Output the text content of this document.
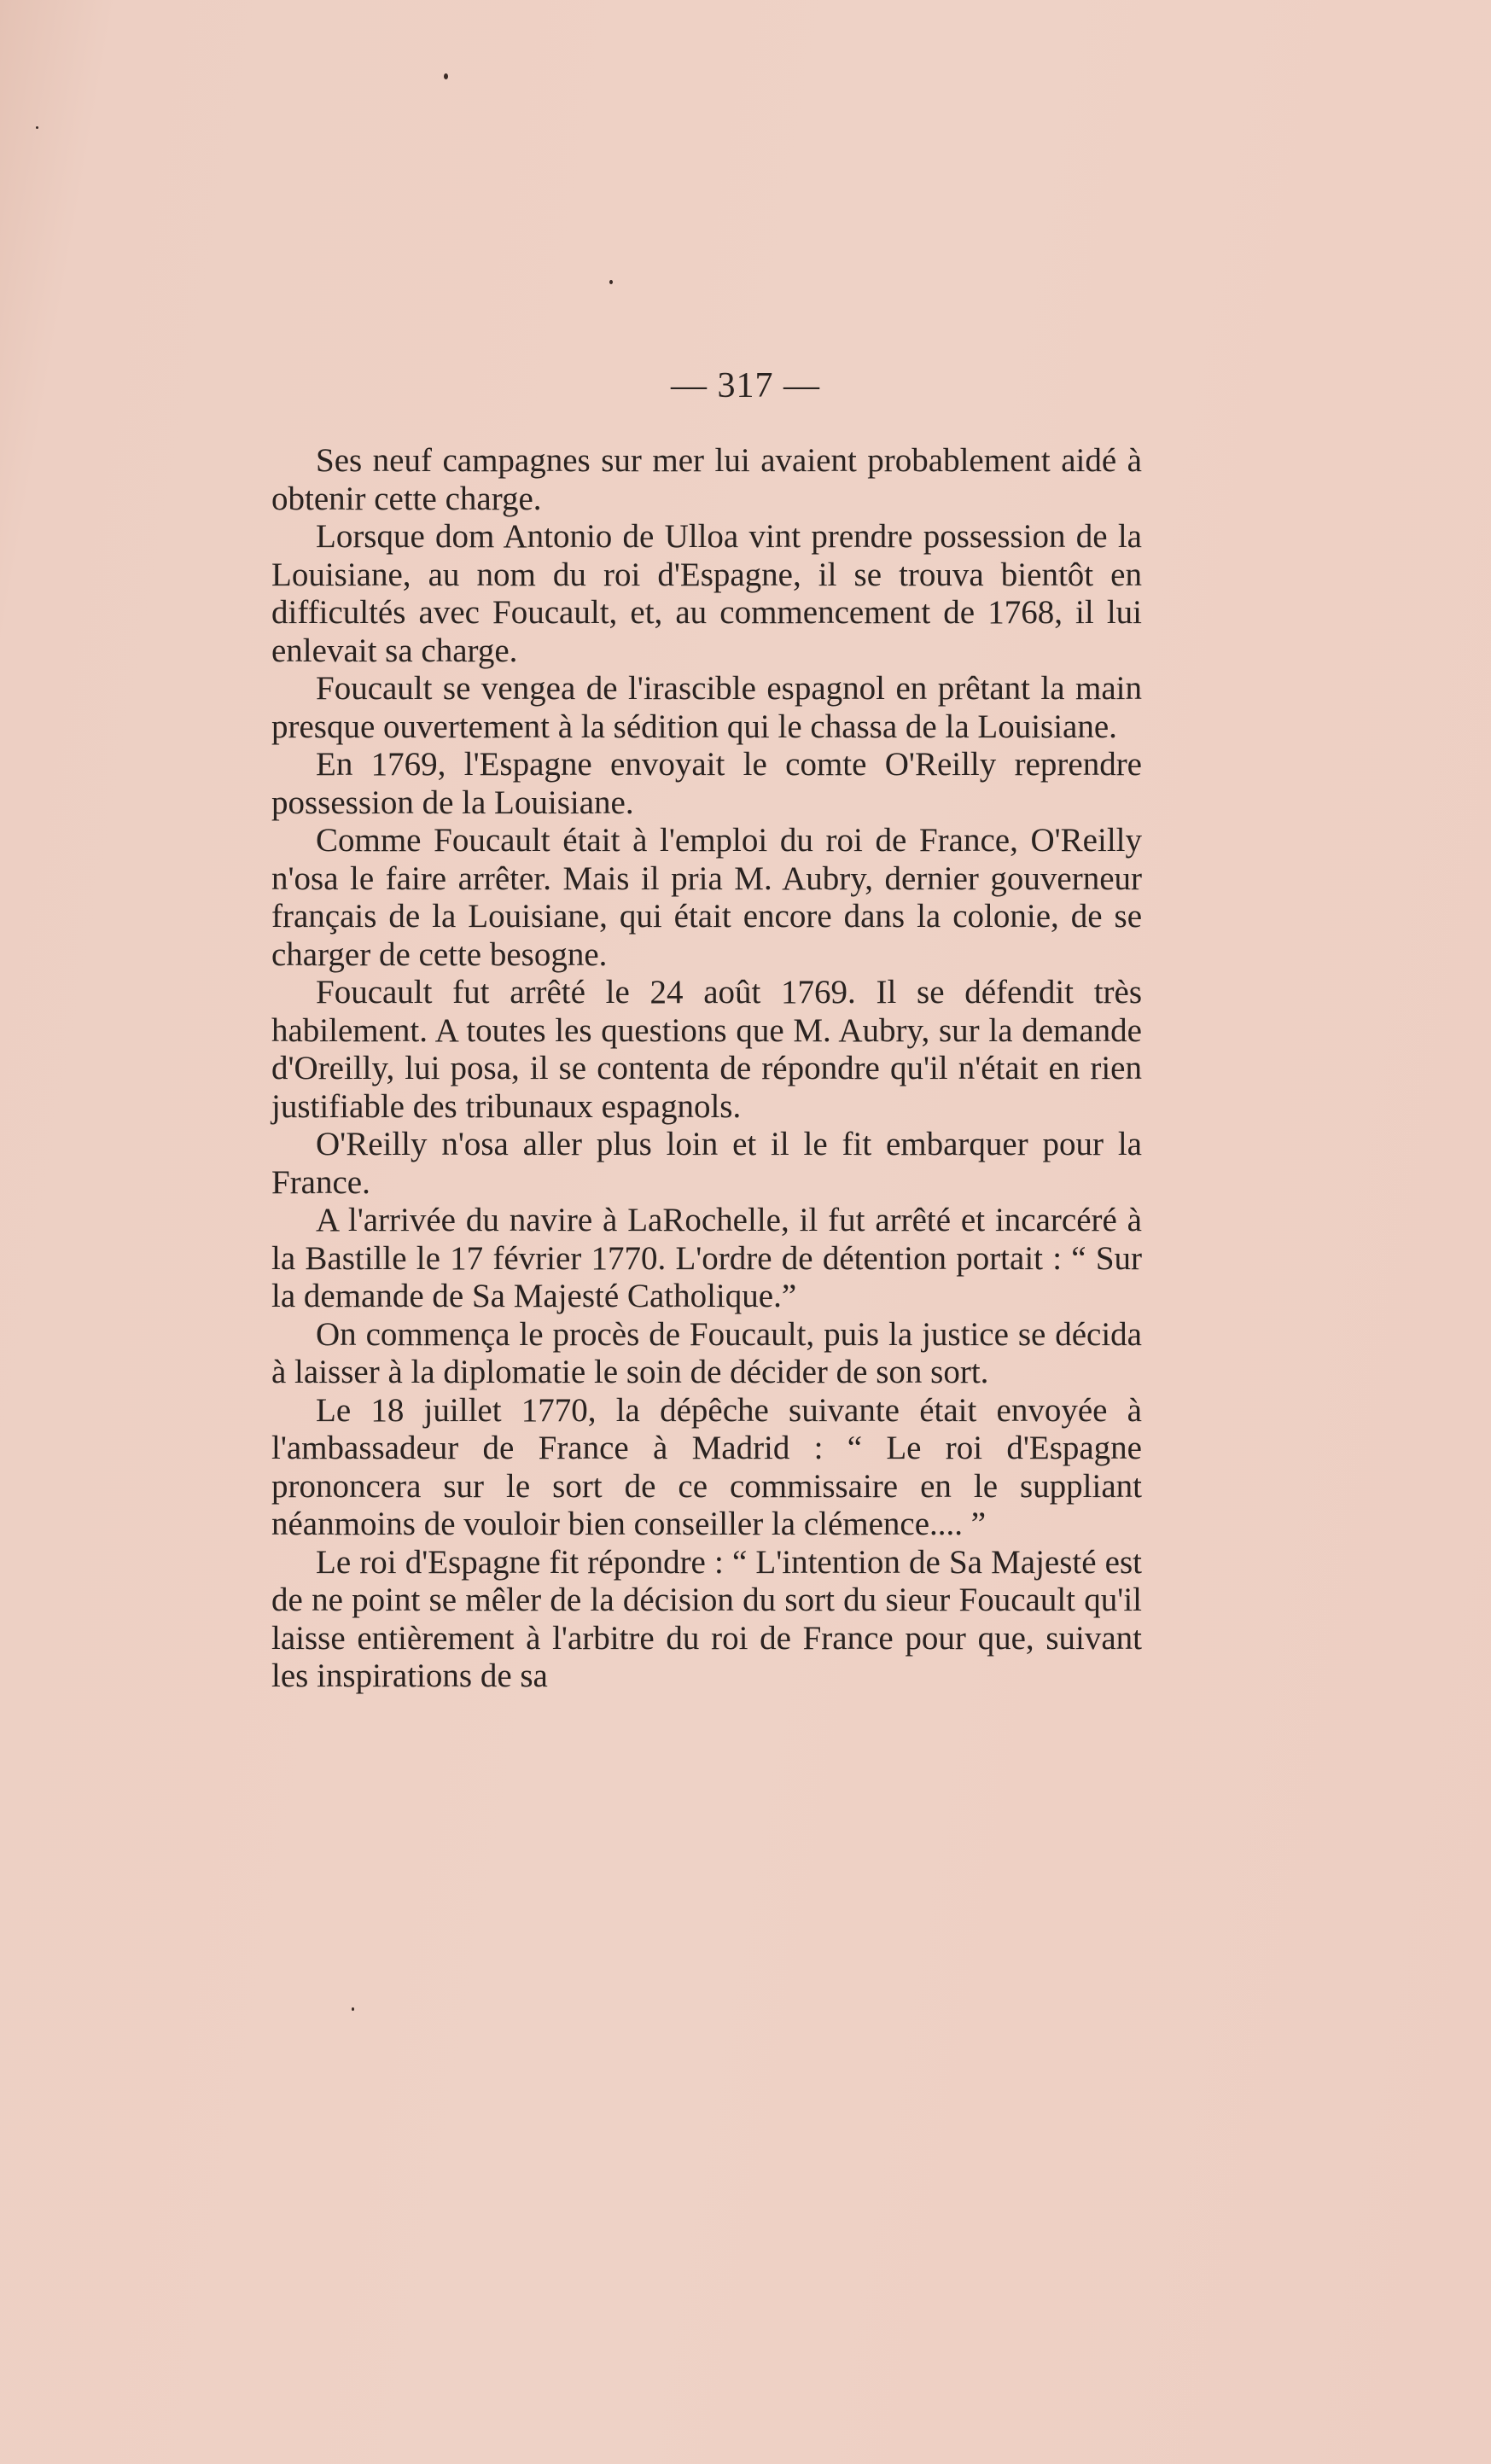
— 317 —

Ses neuf campagnes sur mer lui avaient probablement aidé à obtenir cette charge.

Lorsque dom Antonio de Ulloa vint prendre possession de la Louisiane, au nom du roi d'Espagne, il se trouva bientôt en difficultés avec Foucault, et, au commencement de 1768, il lui enlevait sa charge.

Foucault se vengea de l'irascible espagnol en prêtant la main presque ouvertement à la sédition qui le chassa de la Louisiane.

En 1769, l'Espagne envoyait le comte O'Reilly reprendre possession de la Louisiane.

Comme Foucault était à l'emploi du roi de France, O'Reilly n'osa le faire arrêter. Mais il pria M. Aubry, dernier gouverneur français de la Louisiane, qui était encore dans la colonie, de se charger de cette besogne.

Foucault fut arrêté le 24 août 1769. Il se défendit très habilement. A toutes les questions que M. Aubry, sur la demande d'Oreilly, lui posa, il se contenta de répondre qu'il n'était en rien justifiable des tribunaux espagnols.

O'Reilly n'osa aller plus loin et il le fit embarquer pour la France.

A l'arrivée du navire à LaRochelle, il fut arrêté et incarcéré à la Bastille le 17 février 1770. L'ordre de détention portait : “ Sur la demande de Sa Majesté Catholique.”

On commença le procès de Foucault, puis la justice se décida à laisser à la diplomatie le soin de décider de son sort.

Le 18 juillet 1770, la dépêche suivante était envoyée à l'ambassadeur de France à Madrid : “ Le roi d'Espagne prononcera sur le sort de ce commissaire en le suppliant néanmoins de vouloir bien conseiller la clémence.... ”

Le roi d'Espagne fit répondre : “ L'intention de Sa Majesté est de ne point se mêler de la décision du sort du sieur Foucault qu'il laisse entièrement à l'arbitre du roi de France pour que, suivant les inspirations de sa
